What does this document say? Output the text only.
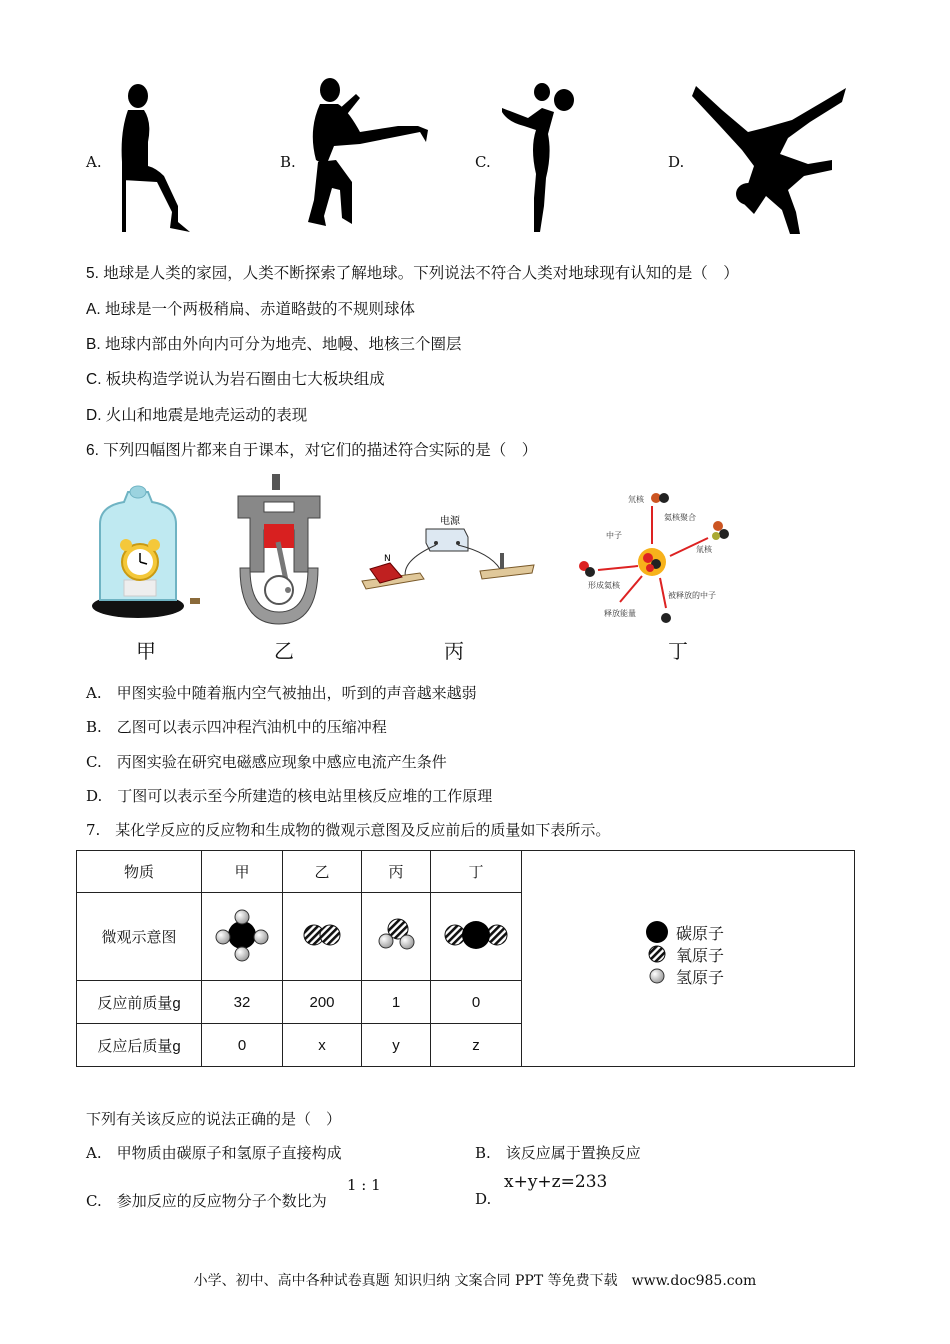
A.	B.	C.	D.
5. 地球是人类的家园，人类不断探索了解地球。下列说法不符合人类对地球现有认知的是（　）
A. 地球是一个两极稍扁、赤道略鼓的不规则球体
B. 地球内部由外向内可分为地壳、地幔、地核三个圈层
C. 板块构造学说认为岩石圈由七大板块组成
D. 火山和地震是地壳运动的表现
6. 下列四幅图片都来自于课本，对它们的描述符合实际的是（　）
电源
N
氘核
氦核聚合
中子
氚核
形成氦核
被释放的中子
释放能量
甲	乙	丙	丁
A.　甲图实验中随着瓶内空气被抽出，听到的声音越来越弱
B.　乙图可以表示四冲程汽油机中的压缩冲程
C.　丙图实验在研究电磁感应现象中感应电流产生条件
D.　丁图可以表示至今所建造的核电站里核反应堆的工作原理
7.　某化学反应的反应物和生成物的微观示意图及反应前后的质量如下表所示。
物质	甲	乙	丙	丁	碳原子
氧原子
氢原子

微观示意图				
反应前质量g	32	200	1	0	
反应后质量g	0	x	y	z	
下列有关该反应的说法正确的是（　）
A.　甲物质由碳原子和氢原子直接构成	B.　该反应属于置换反应
C.　参加反应的反应物分子个数比为
1 : 1
D.
x+y+z=233
小学、初中、高中各种试卷真题 知识归纳 文案合同 PPT 等免费下载　www.doc985.com
